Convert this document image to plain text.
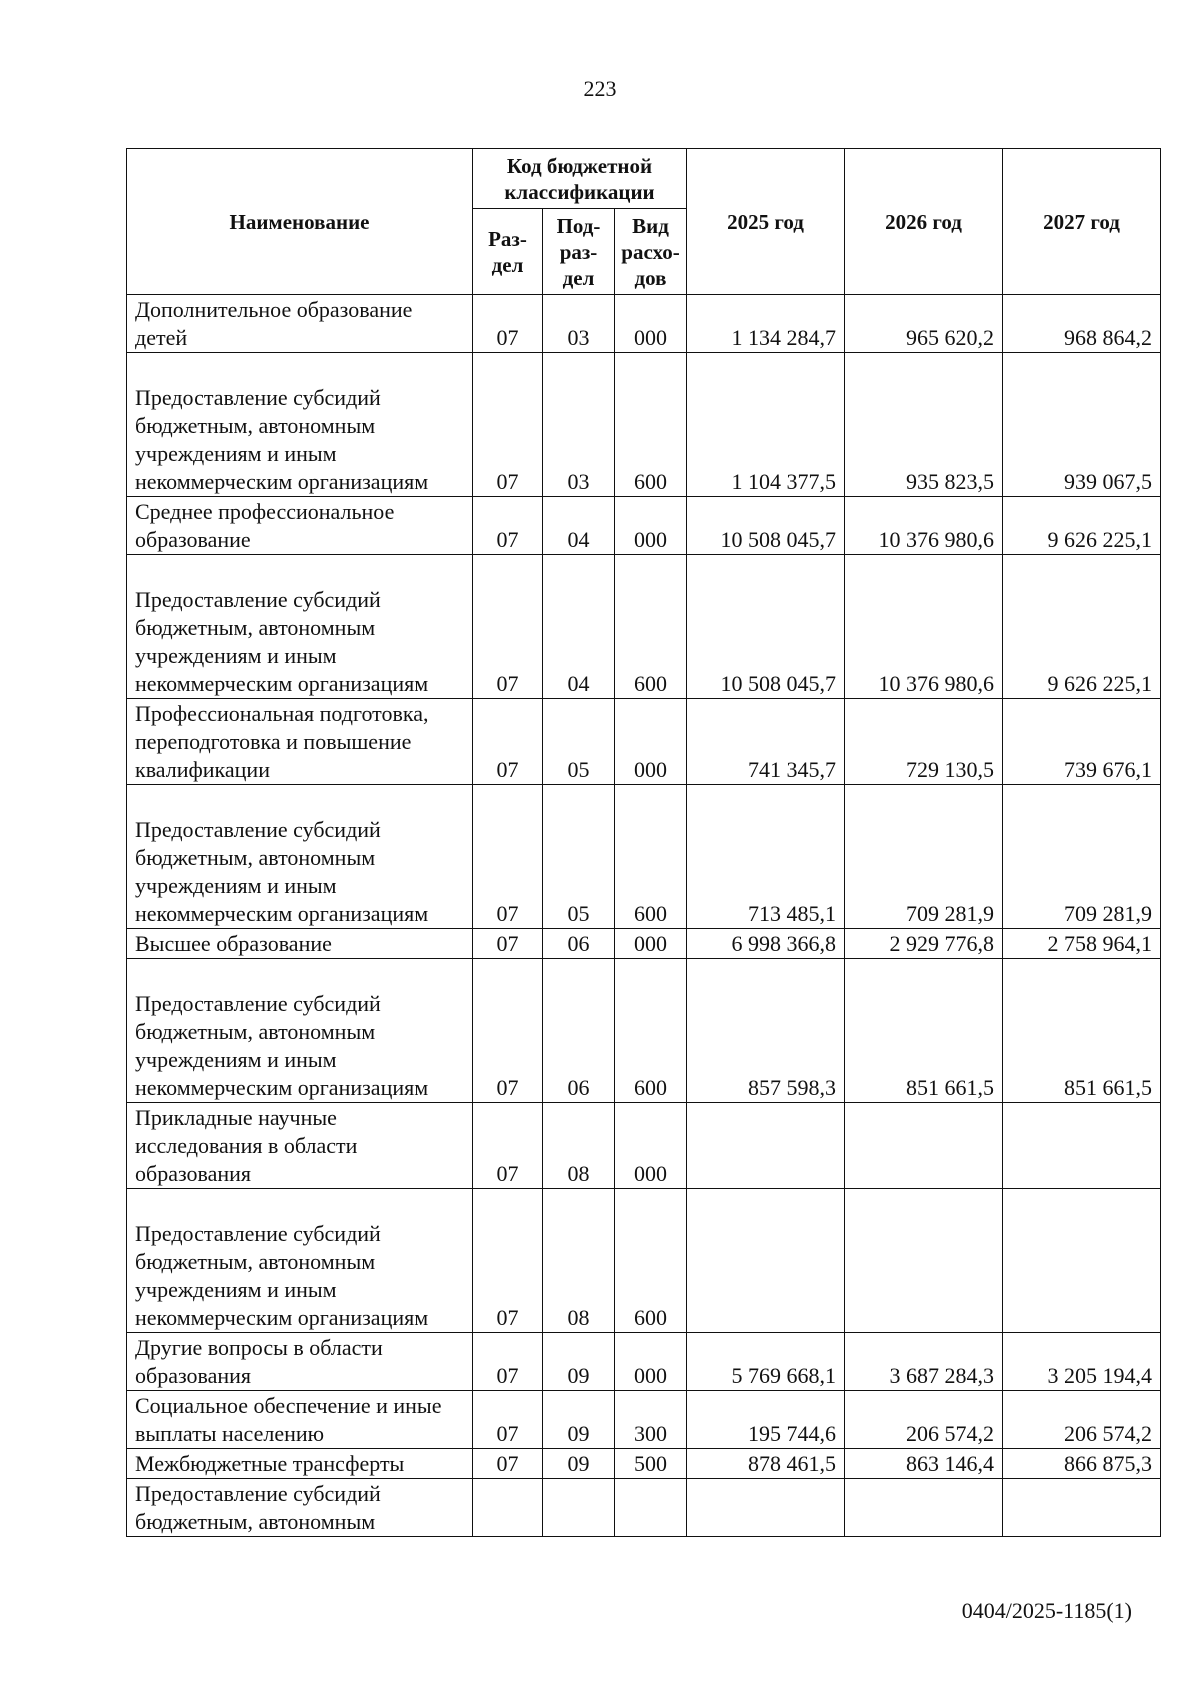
223
Наименование	Код бюджетной классификации			2025 год	2026 год	2027 год
	Раз-дел	Под-раз-дел	Вид расхо-дов			
Дополнительное образование детей	07	03	000	1 134 284,7	965 620,2	968 864,2
Предоставление субсидий бюджетным, автономным учреждениям и иным некоммерческим организациям	07	03	600	1 104 377,5	935 823,5	939 067,5
Среднее профессиональное образование	07	04	000	10 508 045,7	10 376 980,6	9 626 225,1
Предоставление субсидий бюджетным, автономным учреждениям и иным некоммерческим организациям	07	04	600	10 508 045,7	10 376 980,6	9 626 225,1
Профессиональная подготовка, переподготовка и повышение квалификации	07	05	000	741 345,7	729 130,5	739 676,1
Предоставление субсидий бюджетным, автономным учреждениям и иным некоммерческим организациям	07	05	600	713 485,1	709 281,9	709 281,9
Высшее образование	07	06	000	6 998 366,8	2 929 776,8	2 758 964,1
Предоставление субсидий бюджетным, автономным учреждениям и иным некоммерческим организациям	07	06	600	857 598,3	851 661,5	851 661,5
Прикладные научные исследования в области образования	07	08	000			
Предоставление субсидий бюджетным, автономным учреждениям и иным некоммерческим организациям	07	08	600			
Другие вопросы в области образования	07	09	000	5 769 668,1	3 687 284,3	3 205 194,4
Социальное обеспечение и иные выплаты населению	07	09	300	195 744,6	206 574,2	206 574,2
Межбюджетные трансферты	07	09	500	878 461,5	863 146,4	866 875,3
Предоставление субсидий бюджетным, автономным						
0404/2025-1185(1)
